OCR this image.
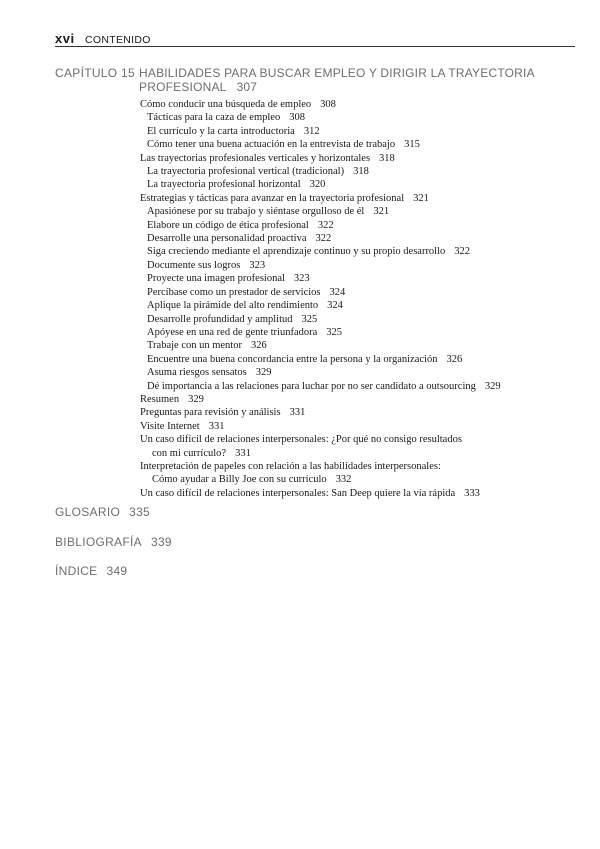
xvi CONTENIDO
CAPÍTULO 15 HABILIDADES PARA BUSCAR EMPLEO Y DIRIGIR LA TRAYECTORIA PROFESIONAL 307
Cómo conducir una búsqueda de empleo 308
Tácticas para la caza de empleo 308
El currículo y la carta introductoria 312
Cómo tener una buena actuación en la entrevista de trabajo 315
Las trayectorias profesionales verticales y horizontales 318
La trayectoria profesional vertical (tradicional) 318
La trayectoria profesional horizontal 320
Estrategias y tácticas para avanzar en la trayectoria profesional 321
Apasiónese por su trabajo y siéntase orgulloso de él 321
Elabore un código de ética profesional 322
Desarrolle una personalidad proactiva 322
Siga creciendo mediante el aprendizaje continuo y su propio desarrollo 322
Documente sus logros 323
Proyecte una imagen profesional 323
Percíbase como un prestador de servicios 324
Aplique la pirámide del alto rendimiento 324
Desarrolle profundidad y amplitud 325
Apóyese en una red de gente triunfadora 325
Trabaje con un mentor 326
Encuentre una buena concordancia entre la persona y la organización 326
Asuma riesgos sensatos 329
Dé importancia a las relaciones para luchar por no ser candidato a outsourcing 329
Resumen 329
Preguntas para revisión y análisis 331
Visite Internet 331
Un caso difícil de relaciones interpersonales: ¿Por qué no consigo resultados
con mi currículo? 331
Interpretación de papeles con relación a las habilidades interpersonales:
Cómo ayudar a Billy Joe con su currículo 332
Un caso difícil de relaciones interpersonales: San Deep quiere la vía rápida 333
GLOSARIO 335
BIBLIOGRAFÍA 339
ÍNDICE 349
